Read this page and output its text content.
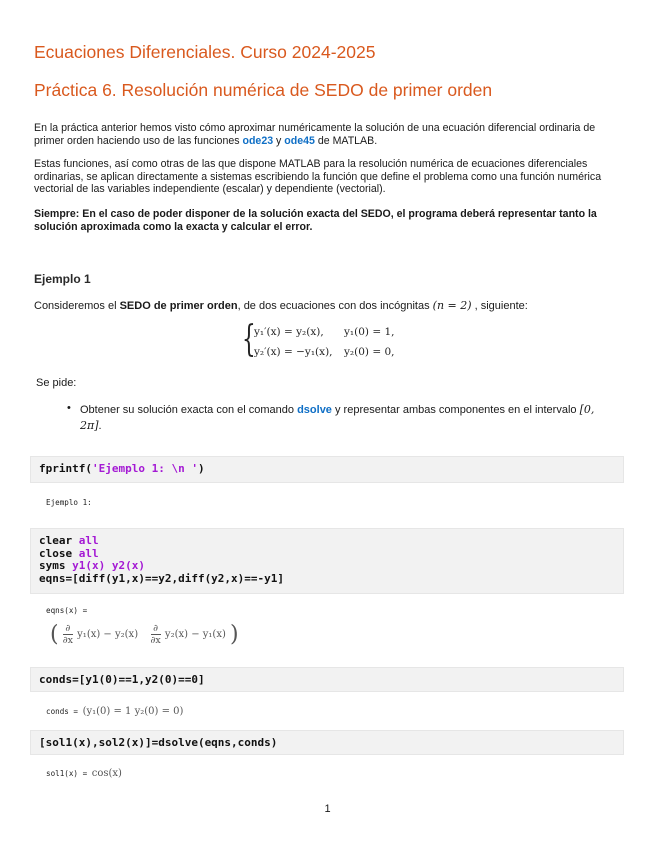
Ecuaciones Diferenciales. Curso 2024-2025
Práctica 6. Resolución numérica de SEDO de primer orden
En la práctica anterior hemos visto cómo aproximar numéricamente la solución de una ecuación diferencial ordinaria de primer orden haciendo uso de las funciones ode23 y ode45 de MATLAB.
Estas funciones, así como otras de las que dispone MATLAB para la resolución numérica de ecuaciones diferenciales ordinarias, se aplican directamente a sistemas escribiendo la función que define el problema como una función numérica vectorial de las variables independiente (escalar) y dependiente (vectorial).
Siempre: En el caso de poder disponer de la solución exacta del SEDO, el programa deberá representar tanto la solución aproximada como la exacta y calcular el error.
Ejemplo 1
Consideremos el SEDO de primer orden, de dos ecuaciones con dos incógnitas (n = 2) , siguiente:
{
y₁′(x) = y₂(x), y₁(0) = 1,
y₂′(x) = −y₁(x), y₂(0) = 0,
Se pide:
• Obtener su solución exacta con el comando dsolve y representar ambas componentes en el intervalo [0, 2π].
fprintf('Ejemplo 1: \n ')
Ejemplo 1:
clear all
close all
syms y1(x) y2(x)
eqns=[diff(y1,x)==y2,diff(y2,x)==-y1]
eqns(x) =
( $\frac{\partial}{\partial x} y_1(x) - y_2(x) \frac{\partial}{\partial x} y_2(x) - y_1(x)$ )
conds=[y1(0)==1,y2(0)==0]
conds = (y₁(0) = 1 y₂(0) = 0)
[sol1(x),sol2(x)]=dsolve(eqns,conds)
sol1(x) = cos(x)
1
